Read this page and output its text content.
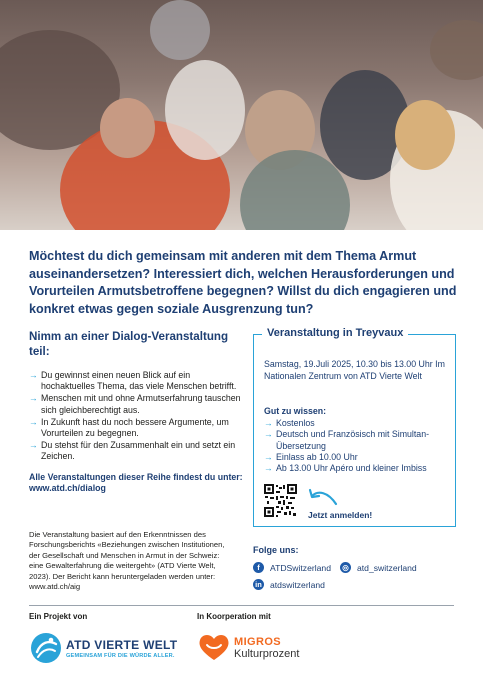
Möchtest du dich gemeinsam mit anderen mit dem Thema Armut auseinandersetzen? Interessiert dich, welchen Herausforderungen und Vorurteilen Armutsbetroffene begegnen? Willst du dich engagieren und konkret etwas gegen soziale Ausgrenzung tun?

Nimm an einer Dialog-Veranstaltung teil:

→ Du gewinnst einen neuen Blick auf ein hochaktuelles Thema, das viele Menschen betrifft.
→ Menschen mit und ohne Armutserfahrung tauschen sich gleichberechtigt aus.
→ In Zukunft hast du noch bessere Argumente, um Vorurteilen zu begegnen.
→ Du stehst für den Zusammenhalt ein und setzt ein Zeichen.
Alle Veranstaltungen dieser Reihe findest du unter: www.atd.ch/dialog
Die Veranstaltung basiert auf den Erkenntnissen des Forschungsberichts «Beziehungen zwischen Institutionen, der Gesellschaft und Menschen in Armut in der Schweiz: eine Gewalterfahrung die weitergeht» (ATD Vierte Welt, 2023). Der Bericht kann heruntergeladen werden unter: www.atd.ch/aig
Veranstaltung in Treyvaux
Samstag, 19.Juli 2025, 10.30 bis 13.00 Uhr Im Nationalen Zentrum von ATD Vierte Welt
Gut zu wissen:
→ Kostenlos
→ Deutsch und Französisch mit Simultan-Übersetzung
→ Einlass ab 10.00 Uhr
→ Ab 13.00 Uhr Apéro und kleiner Imbiss
Jetzt anmelden!
Folge uns:
f	ATDSwitzerland ◎ atd_switzerland
in atdswitzerland
Ein Projekt von	In Koorperation mit
ATD VIERTE WELT
GEMEINSAM FÜR DIE WÜRDE ALLER.
MIGROS
Kulturprozent
